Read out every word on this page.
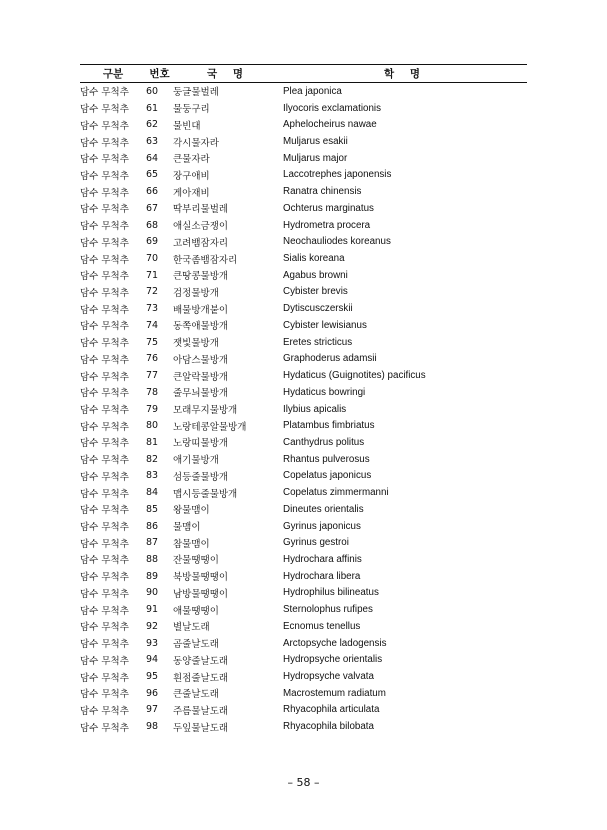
구분	번호	국 명	학 명
담수 무척추	60	둥글물벌레	Plea japonica
담수 무척추	61	물둥구리	Ilyocoris exclamationis
담수 무척추	62	물빈대	Aphelocheirus nawae
담수 무척추	63	각시물자라	Muljarus esakii
담수 무척추	64	큰물자라	Muljarus major
담수 무척추	65	장구애비	Laccotrephes japonensis
담수 무척추	66	게아재비	Ranatra chinensis
담수 무척추	67	딱부리물벌레	Ochterus marginatus
담수 무척추	68	애실소금쟁이	Hydrometra procera
담수 무척추	69	고려뱀잠자리	Neochauliodes koreanus
담수 무척추	70	한국좀뱀잠자리	Sialis koreana
담수 무척추	71	큰땅콩물방개	Agabus browni
담수 무척추	72	검정물방개	Cybister brevis
담수 무척추	73	배물방개붙이	Dytiscusczerskii
담수 무척추	74	동쪽애물방개	Cybister lewisianus
담수 무척추	75	잿빛물방개	Eretes stricticus
담수 무척추	76	아담스물방개	Graphoderus adamsii
담수 무척추	77	큰알락물방개	Hydaticus (Guignotites) pacificus
담수 무척추	78	줄무늬물방개	Hydaticus bowringi
담수 무척추	79	모래무지물방개	Ilybius apicalis
담수 무척추	80	노랑테콩알물방개	Platambus fimbriatus
담수 무척추	81	노랑띠물방개	Canthydrus politus
담수 무척추	82	애기물방개	Rhantus pulverosus
담수 무척추	83	섬등줄물방개	Copelatus japonicus
담수 무척추	84	맵시등줄물방개	Copelatus zimmermanni
담수 무척추	85	왕물맴이	Dineutes orientalis
담수 무척추	86	물맴이	Gyrinus japonicus
담수 무척추	87	참물맴이	Gyrinus gestroi
담수 무척추	88	잔물땡땡이	Hydrochara affinis
담수 무척추	89	북방물땡땡이	Hydrochara libera
담수 무척추	90	남방물땡땡이	Hydrophilus bilineatus
담수 무척추	91	애물땡땡이	Sternolophus rufipes
담수 무척추	92	별날도래	Ecnomus tenellus
담수 무척추	93	곰줄날도래	Arctopsyche ladogensis
담수 무척추	94	동양줄날도래	Hydropsyche orientalis
담수 무척추	95	흰점줄날도래	Hydropsyche valvata
담수 무척추	96	큰줄날도래	Macrostemum radiatum
담수 무척추	97	주름물날도래	Rhyacophila articulata
담수 무척추	98	두잎물날도래	Rhyacophila bilobata
– 58 –
